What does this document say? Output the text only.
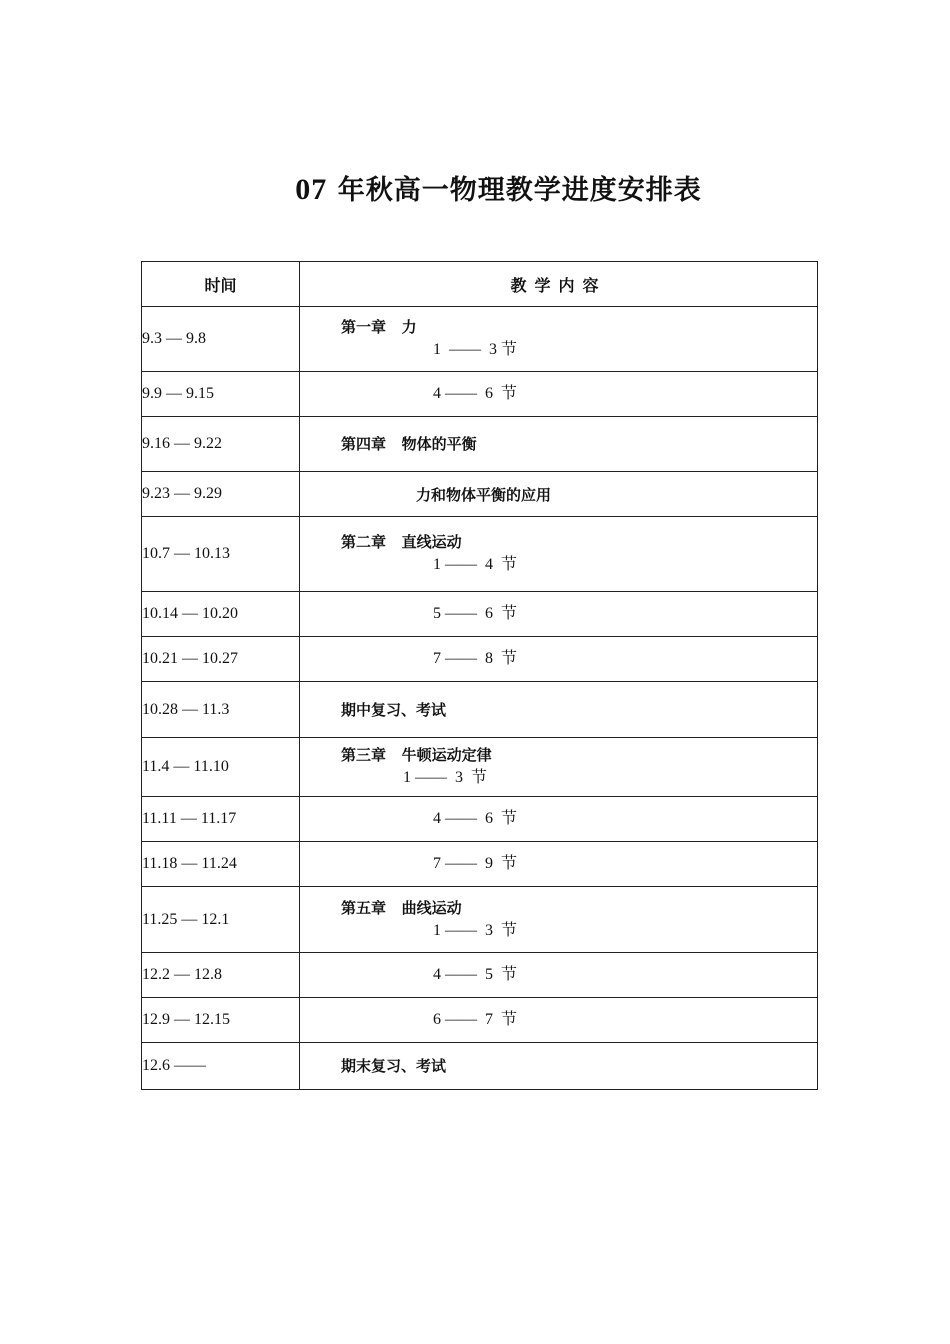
07 年秋高一物理教学进度安排表
时间	教学内容
9.3 — 9.8	第一章   力
1  ——  3 节

9.9 — 9.15	4 ——  6  节

9.16 — 9.22	第四章   物体的平衡

9.23 — 9.29	力和物体平衡的应用

10.7 — 10.13	第二章   直线运动
1 ——  4  节

10.14 — 10.20	5 ——  6  节

10.21 — 10.27	7 ——  8  节

10.28 — 11.3	期中复习、考试

11.4 — 11.10	第三章   牛顿运动定律
1 ——  3  节

11.11 — 11.17	4 ——  6  节

11.18 — 11.24	7 ——  9  节

11.25 — 12.1	第五章   曲线运动
1 ——  3  节

12.2 — 12.8	4 ——  5  节

12.9 — 12.15	6 ——  7  节

12.6 ——	期末复习、考试
